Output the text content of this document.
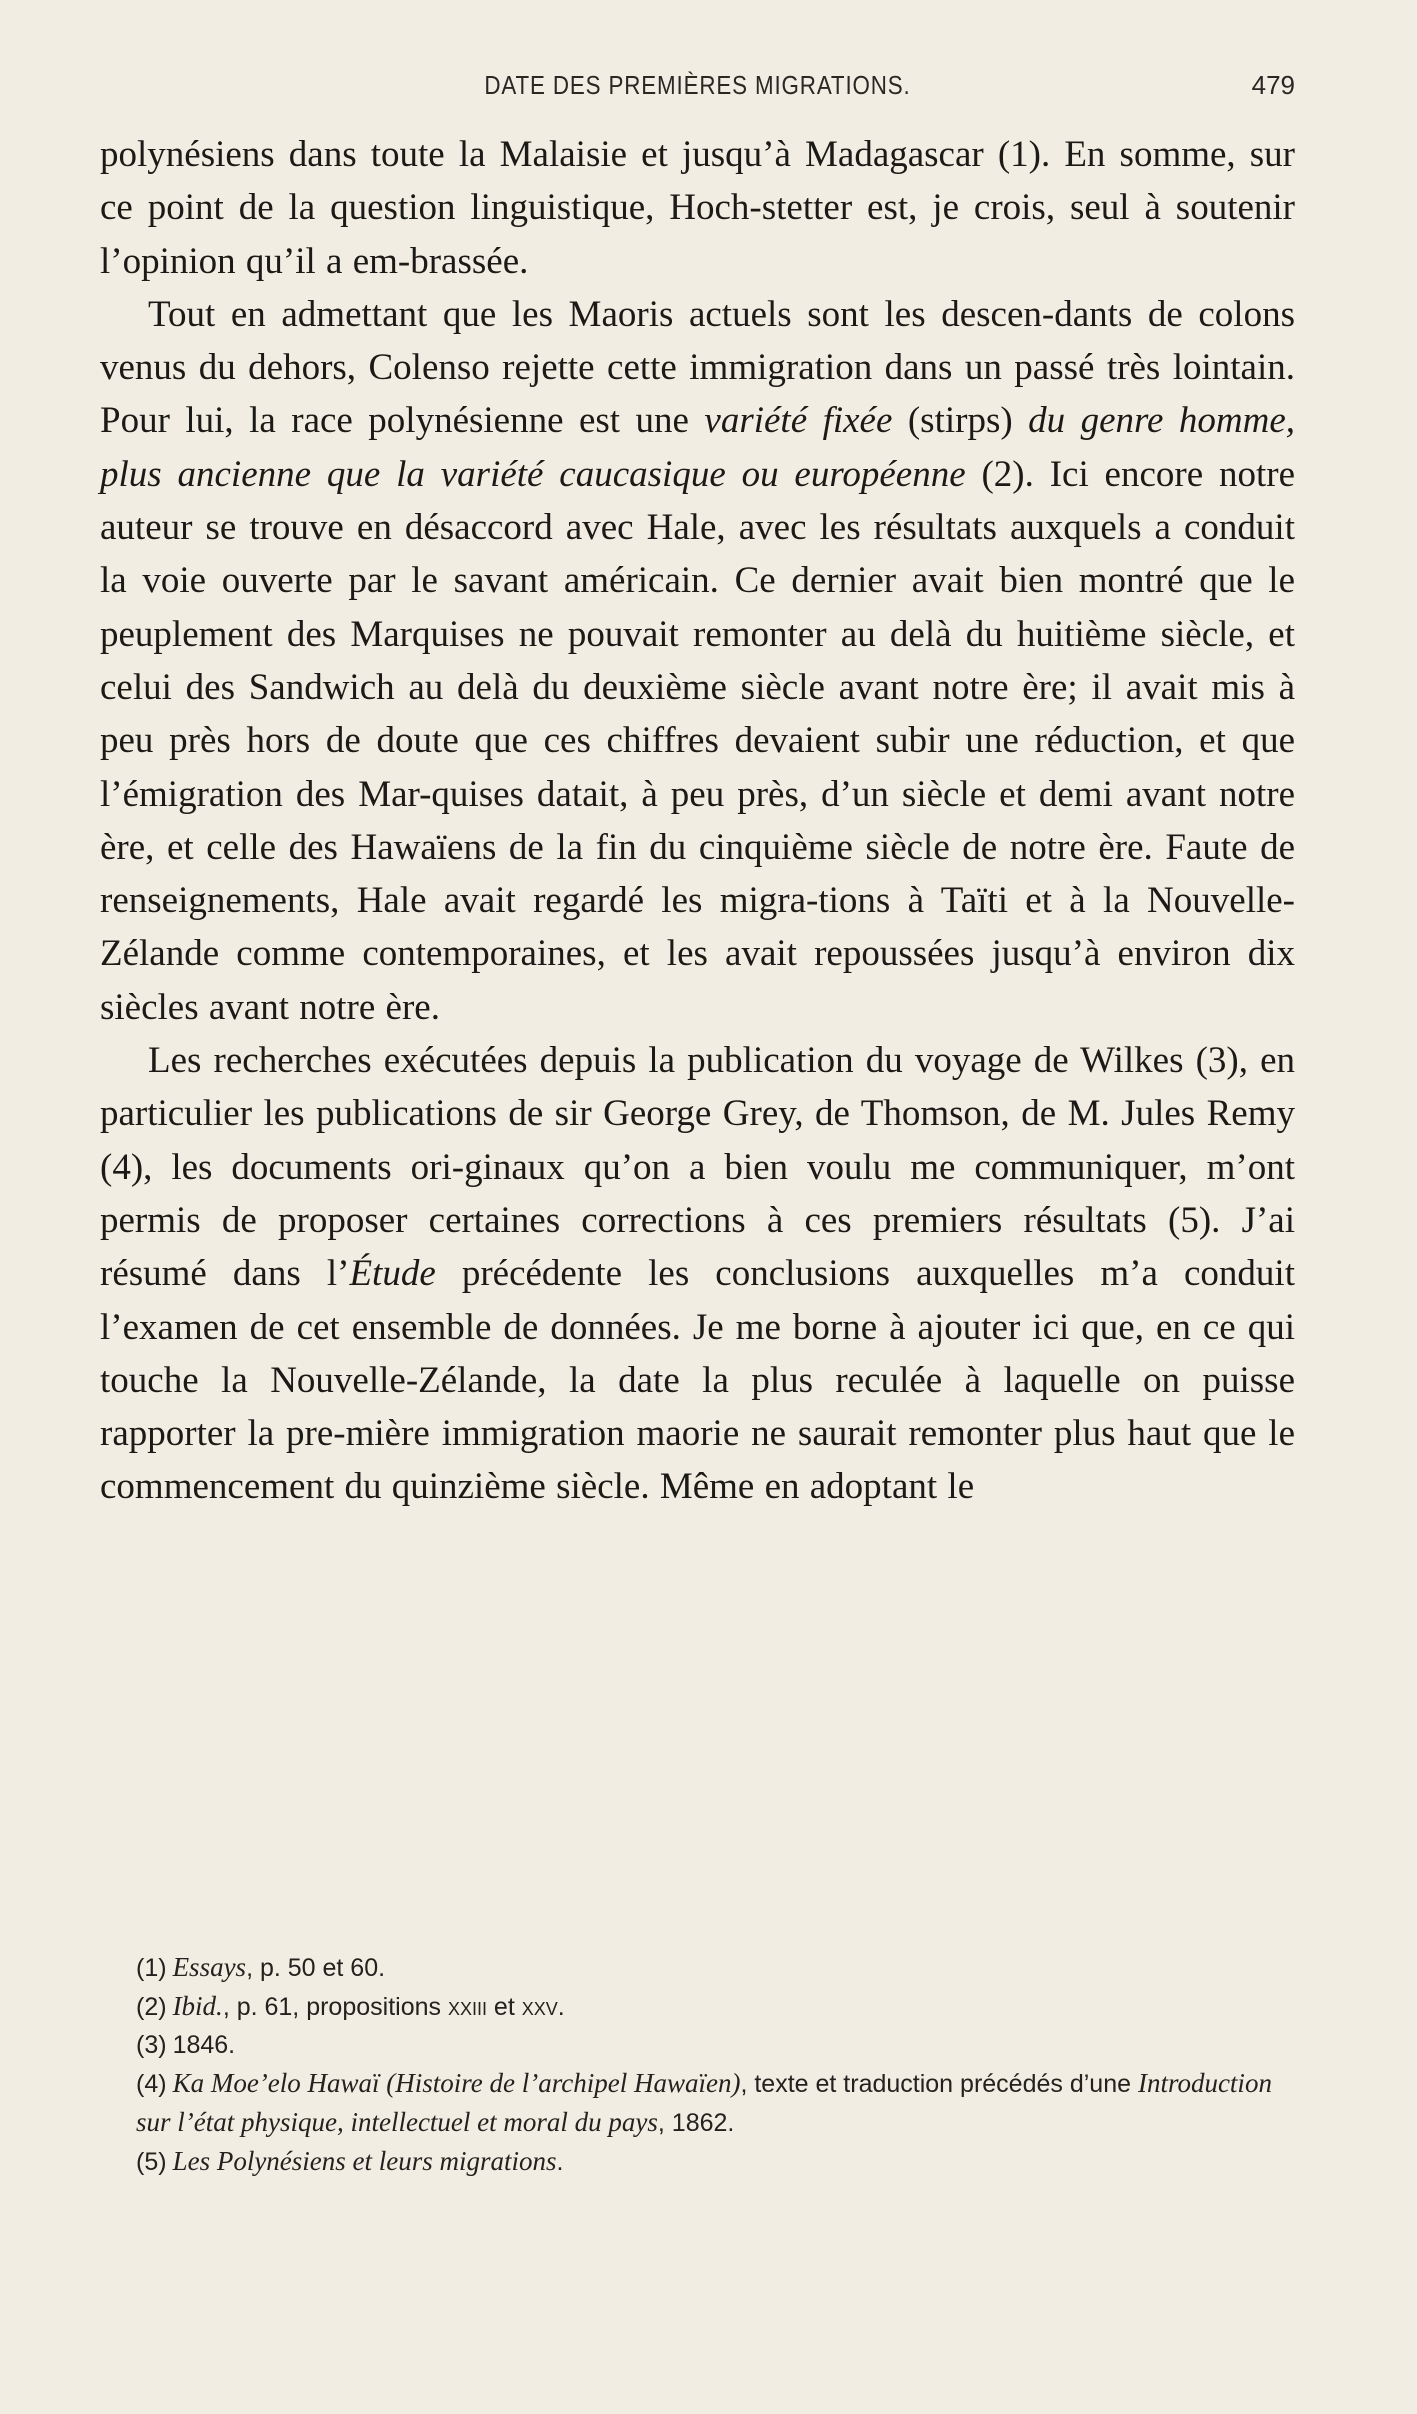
DATE DES PREMIÈRES MIGRATIONS.	479

polynésiens dans toute la Malaisie et jusqu’à Madagascar (1). En somme, sur ce point de la question linguistique, Hoch-stetter est, je crois, seul à soutenir l’opinion qu’il a em-brassée.

Tout en admettant que les Maoris actuels sont les descen-dants de colons venus du dehors, Colenso rejette cette immigration dans un passé très lointain. Pour lui, la race polynésienne est une variété fixée (stirps) du genre homme, plus ancienne que la variété caucasique ou européenne (2). Ici encore notre auteur se trouve en désaccord avec Hale, avec les résultats auxquels a conduit la voie ouverte par le savant américain. Ce dernier avait bien montré que le peuplement des Marquises ne pouvait remonter au delà du huitième siècle, et celui des Sandwich au delà du deuxième siècle avant notre ère; il avait mis à peu près hors de doute que ces chiffres devaient subir une réduction, et que l’émigration des Mar-quises datait, à peu près, d’un siècle et demi avant notre ère, et celle des Hawaïens de la fin du cinquième siècle de notre ère. Faute de renseignements, Hale avait regardé les migra-tions à Taïti et à la Nouvelle-Zélande comme contemporaines, et les avait repoussées jusqu’à environ dix siècles avant notre ère.

Les recherches exécutées depuis la publication du voyage de Wilkes (3), en particulier les publications de sir George Grey, de Thomson, de M. Jules Remy (4), les documents ori-ginaux qu’on a bien voulu me communiquer, m’ont permis de proposer certaines corrections à ces premiers résultats (5). J’ai résumé dans l’Étude précédente les conclusions auxquelles m’a conduit l’examen de cet ensemble de données. Je me borne à ajouter ici que, en ce qui touche la Nouvelle-Zélande, la date la plus reculée à laquelle on puisse rapporter la pre-mière immigration maorie ne saurait remonter plus haut que le commencement du quinzième siècle. Même en adoptant le

(1) Essays, p. 50 et 60.

(2) Ibid., p. 61, propositions xxiii et xxv.

(3) 1846.

(4) Ka Moe’elo Hawaï (Histoire de l’archipel Hawaïen), texte et traduction précédés d’une Introduction sur l’état physique, intellectuel et moral du pays, 1862.

(5) Les Polynésiens et leurs migrations.
